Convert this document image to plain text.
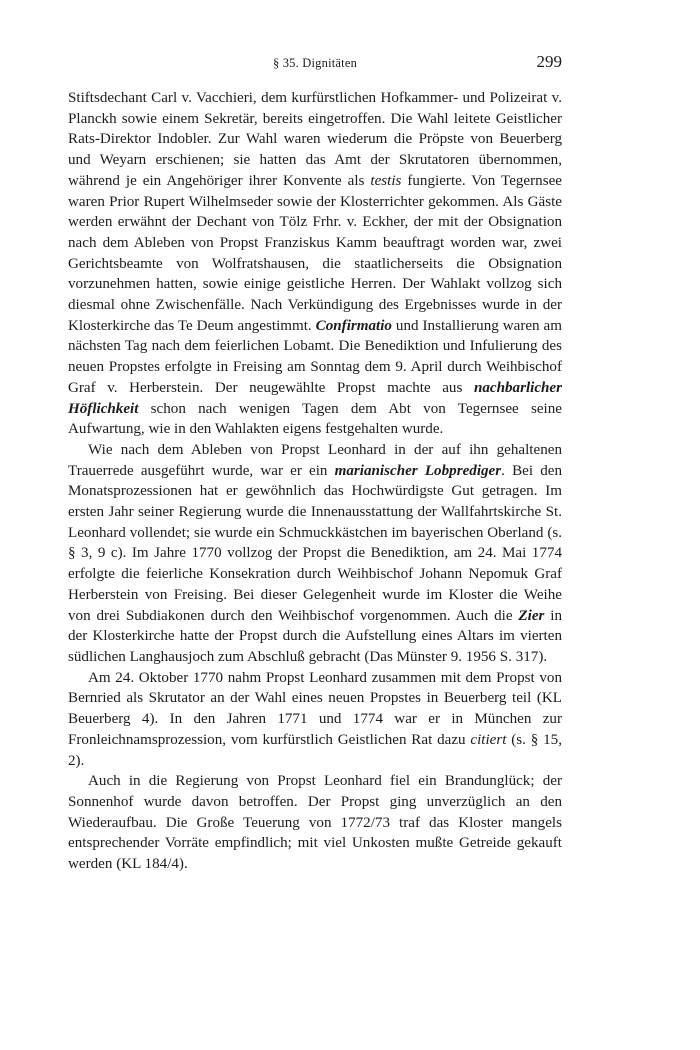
§ 35. Dignitäten	299

Stiftsdechant Carl v. Vacchieri, dem kurfürstlichen Hofkammer- und Polizeirat v. Planckh sowie einem Sekretär, bereits eingetroffen. Die Wahl leitete Geistlicher Rats-Direktor Indobler. Zur Wahl waren wiederum die Pröpste von Beuerberg und Weyarn erschienen; sie hatten das Amt der Skrutatoren übernommen, während je ein Angehöriger ihrer Konvente als testis fungierte. Von Tegernsee waren Prior Rupert Wilhelmseder sowie der Klosterrichter gekommen. Als Gäste werden erwähnt der Dechant von Tölz Frhr. v. Eckher, der mit der Obsignation nach dem Ableben von Propst Franziskus Kamm beauftragt worden war, zwei Gerichtsbeamte von Wolfratshausen, die staatlicherseits die Obsignation vorzunehmen hatten, sowie einige geistliche Herren. Der Wahlakt vollzog sich diesmal ohne Zwischenfälle. Nach Verkündigung des Ergebnisses wurde in der Klosterkirche das Te Deum angestimmt. Confirmatio und Installierung waren am nächsten Tag nach dem feierlichen Lobamt. Die Benediktion und Infulierung des neuen Propstes erfolgte in Freising am Sonntag dem 9. April durch Weihbischof Graf v. Herberstein. Der neugewählte Propst machte aus nachbarlicher Höflichkeit schon nach wenigen Tagen dem Abt von Tegernsee seine Aufwartung, wie in den Wahlakten eigens festgehalten wurde.

Wie nach dem Ableben von Propst Leonhard in der auf ihn gehaltenen Trauerrede ausgeführt wurde, war er ein marianischer Lobprediger. Bei den Monatsprozessionen hat er gewöhnlich das Hochwürdigste Gut getragen. Im ersten Jahr seiner Regierung wurde die Innenausstattung der Wallfahrtskirche St. Leonhard vollendet; sie wurde ein Schmuckkästchen im bayerischen Oberland (s. § 3, 9 c). Im Jahre 1770 vollzog der Propst die Benediktion, am 24. Mai 1774 erfolgte die feierliche Konsekration durch Weihbischof Johann Nepomuk Graf Herberstein von Freising. Bei dieser Gelegenheit wurde im Kloster die Weihe von drei Subdiakonen durch den Weihbischof vorgenommen. Auch die Zier in der Klosterkirche hatte der Propst durch die Aufstellung eines Altars im vierten südlichen Langhausjoch zum Abschluß gebracht (Das Münster 9. 1956 S. 317).

Am 24. Oktober 1770 nahm Propst Leonhard zusammen mit dem Propst von Bernried als Skrutator an der Wahl eines neuen Propstes in Beuerberg teil (KL Beuerberg 4). In den Jahren 1771 und 1774 war er in München zur Fronleichnamsprozession, vom kurfürstlich Geistlichen Rat dazu citiert (s. § 15, 2).

Auch in die Regierung von Propst Leonhard fiel ein Brandunglück; der Sonnenhof wurde davon betroffen. Der Propst ging unverzüglich an den Wiederaufbau. Die Große Teuerung von 1772/73 traf das Kloster mangels entsprechender Vorräte empfindlich; mit viel Unkosten mußte Getreide gekauft werden (KL 184/4).
